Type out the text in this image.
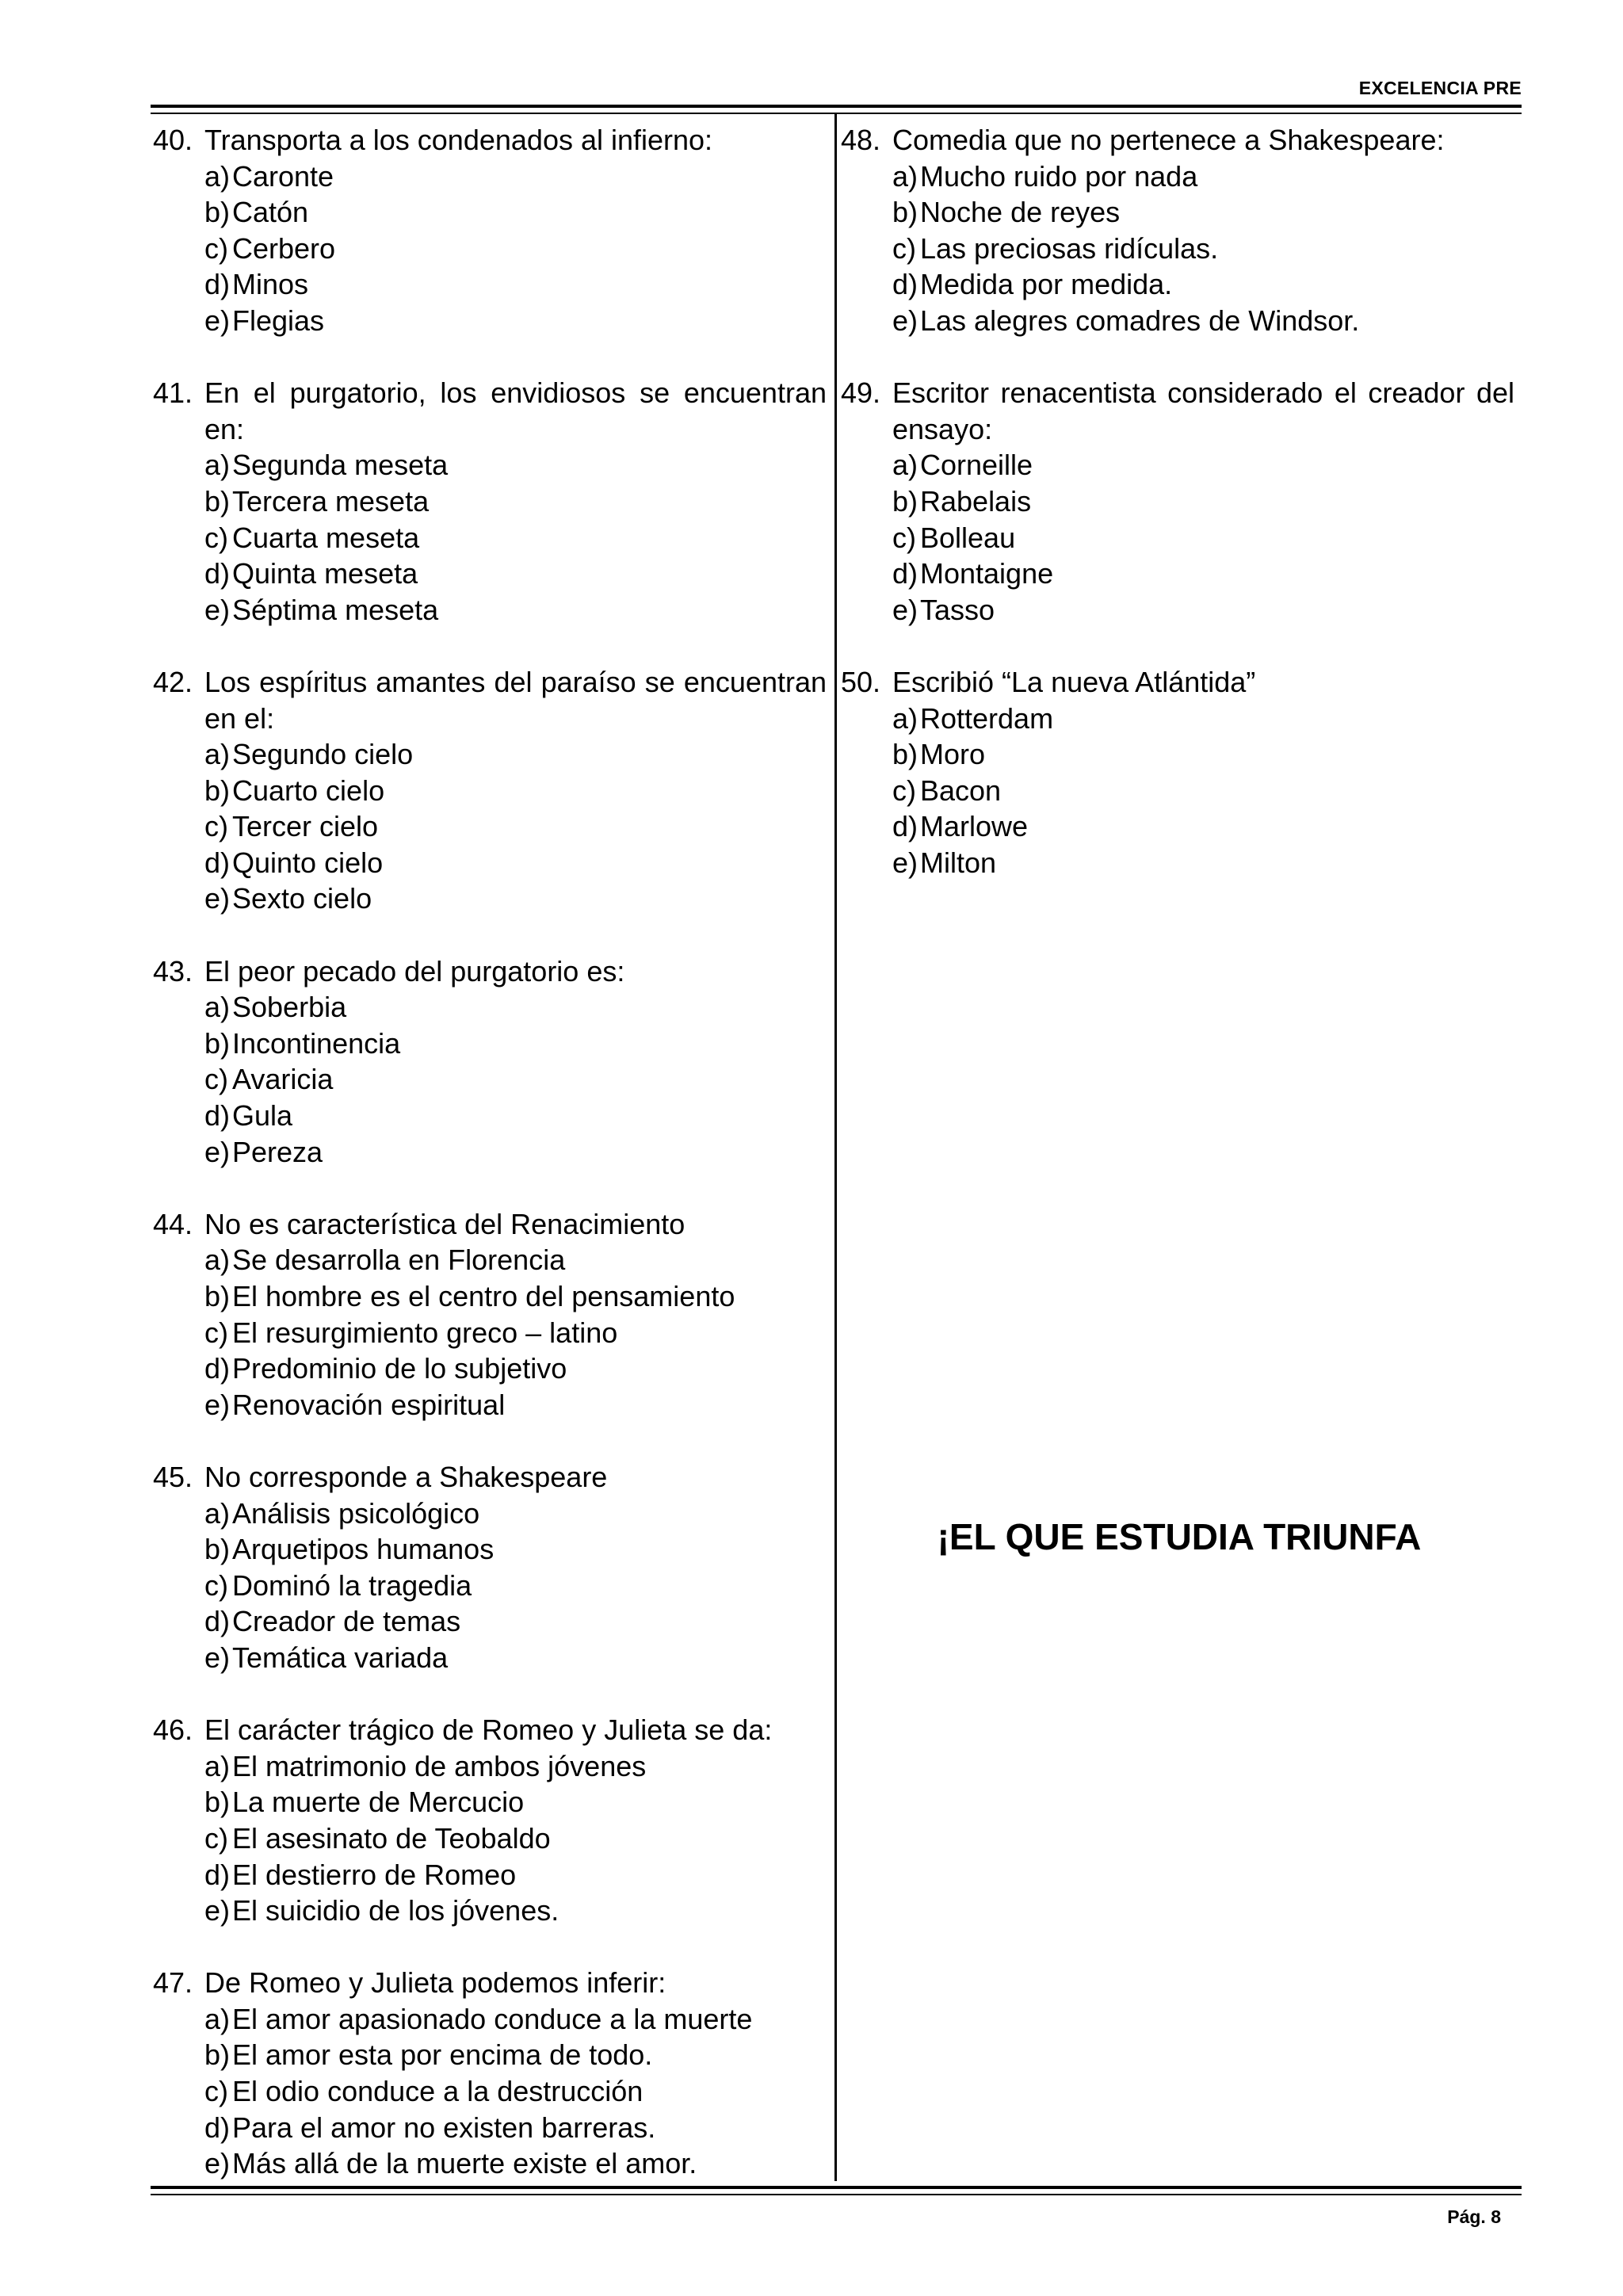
EXCELENCIA PRE
40. Transporta a los condenados al infierno:
a) Caronte
b) Catón
c) Cerbero
d) Minos
e) Flegias
41. En el purgatorio, los envidiosos se encuentran en:
a) Segunda meseta
b) Tercera meseta
c) Cuarta meseta
d) Quinta meseta
e) Séptima meseta
42. Los espíritus amantes del paraíso se encuentran en el:
a) Segundo cielo
b) Cuarto cielo
c) Tercer cielo
d) Quinto cielo
e) Sexto cielo
43. El peor pecado del purgatorio es:
a) Soberbia
b) Incontinencia
c) Avaricia
d) Gula
e) Pereza
44. No es característica del Renacimiento
a) Se desarrolla en Florencia
b) El hombre es el centro del pensamiento
c) El resurgimiento greco – latino
d) Predominio de lo subjetivo
e) Renovación espiritual
45. No corresponde a Shakespeare
a) Análisis psicológico
b) Arquetipos humanos
c) Dominó la tragedia
d) Creador de temas
e) Temática variada
46. El carácter trágico de Romeo y Julieta se da:
a) El matrimonio de ambos jóvenes
b) La muerte de Mercucio
c) El asesinato de Teobaldo
d) El destierro de Romeo
e) El suicidio de los jóvenes.
47. De Romeo y Julieta podemos inferir:
a) El amor apasionado conduce a la muerte
b) El amor esta por encima de todo.
c) El odio conduce a la destrucción
d) Para el amor no existen barreras.
e) Más allá de la muerte existe el amor.
48. Comedia que no pertenece a Shakespeare:
a) Mucho ruido por nada
b) Noche de reyes
c) Las preciosas ridículas.
d) Medida por medida.
e) Las alegres comadres de Windsor.
49. Escritor renacentista considerado el creador del ensayo:
a) Corneille
b) Rabelais
c) Bolleau
d) Montaigne
e) Tasso
50. Escribió “La nueva Atlántida”
a) Rotterdam
b) Moro
c) Bacon
d) Marlowe
e) Milton
¡EL QUE ESTUDIA TRIUNFA
Pág. 8
